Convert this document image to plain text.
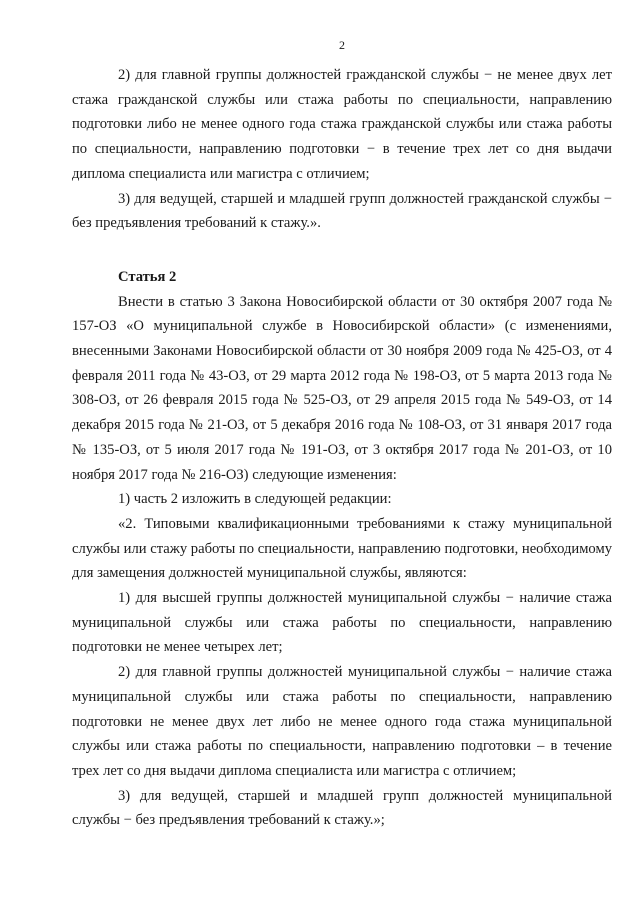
2

2) для главной группы должностей гражданской службы − не менее двух лет стажа гражданской службы или стажа работы по специальности, направлению подготовки либо не менее одного года стажа гражданской службы или стажа работы по специальности, направлению подготовки − в течение трех лет со дня выдачи диплома специалиста или магистра с отличием;

3) для ведущей, старшей и младшей групп должностей гражданской службы − без предъявления требований к стажу.».

Статья 2

Внести в статью 3 Закона Новосибирской области от 30 октября 2007 года № 157-ОЗ «О муниципальной службе в Новосибирской области» (с изменениями, внесенными Законами Новосибирской области от 30 ноября 2009 года № 425-ОЗ, от 4 февраля 2011 года № 43-ОЗ, от 29 марта 2012 года № 198-ОЗ, от 5 марта 2013 года № 308-ОЗ, от 26 февраля 2015 года № 525-ОЗ, от 29 апреля 2015 года № 549-ОЗ, от 14 декабря 2015 года № 21-ОЗ, от 5 декабря 2016 года № 108-ОЗ, от 31 января 2017 года № 135-ОЗ, от 5 июля 2017 года № 191-ОЗ, от 3 октября 2017 года № 201-ОЗ, от 10 ноября 2017 года № 216-ОЗ) следующие изменения:

1) часть 2 изложить в следующей редакции:

«2. Типовыми квалификационными требованиями к стажу муниципальной службы или стажу работы по специальности, направлению подготовки, необходимому для замещения должностей муниципальной службы, являются:

1) для высшей группы должностей муниципальной службы − наличие стажа муниципальной службы или стажа работы по специальности, направлению подготовки не менее четырех лет;

2) для главной группы должностей муниципальной службы − наличие стажа муниципальной службы или стажа работы по специальности, направлению подготовки не менее двух лет либо не менее одного года стажа муниципальной службы или стажа работы по специальности, направлению подготовки – в течение трех лет со дня выдачи диплома специалиста или магистра с отличием;

3) для ведущей, старшей и младшей групп должностей муниципальной службы − без предъявления требований к стажу.»;
